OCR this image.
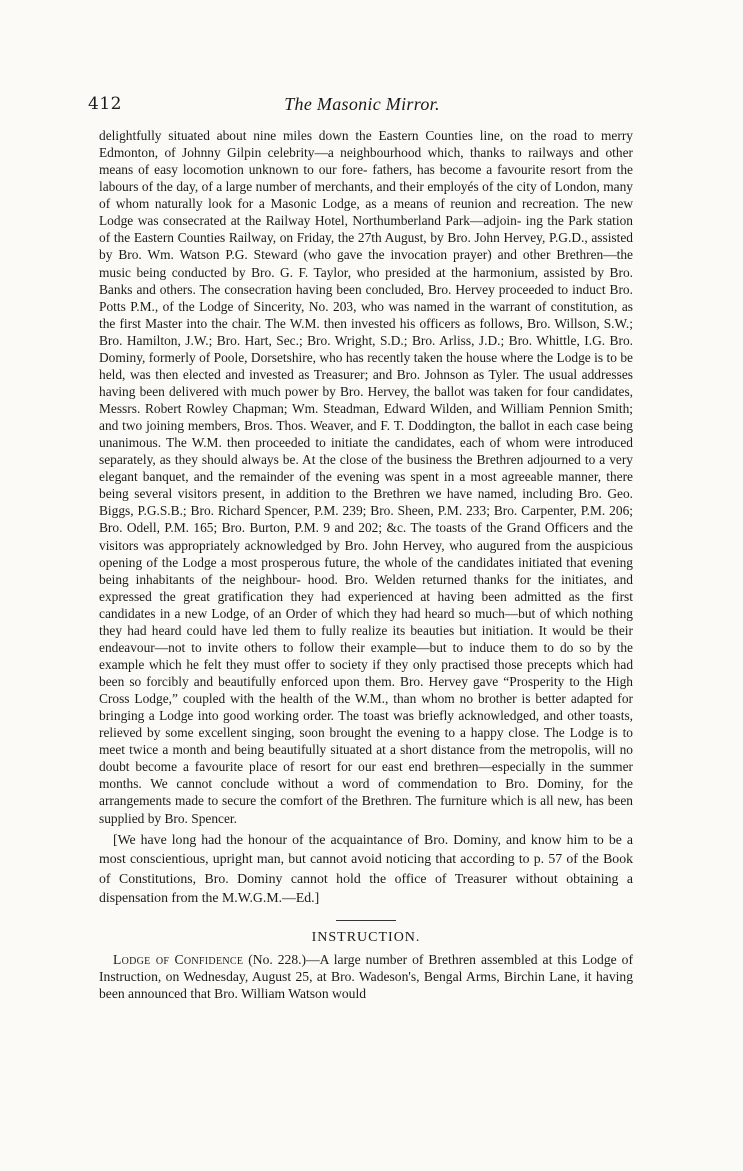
412	The Masonic Mirror.

delightfully situated about nine miles down the Eastern Counties line, on the road to merry Edmonton, of Johnny Gilpin celebrity—a neighbourhood which, thanks to railways and other means of easy locomotion unknown to our fore- fathers, has become a favourite resort from the labours of the day, of a large number of merchants, and their employés of the city of London, many of whom naturally look for a Masonic Lodge, as a means of reunion and recreation. The new Lodge was consecrated at the Railway Hotel, Northumberland Park—adjoin- ing the Park station of the Eastern Counties Railway, on Friday, the 27th August, by Bro. John Hervey, P.G.D., assisted by Bro. Wm. Watson P.G. Steward (who gave the invocation prayer) and other Brethren—the music being conducted by Bro. G. F. Taylor, who presided at the harmonium, assisted by Bro. Banks and others. The consecration having been concluded, Bro. Hervey proceeded to induct Bro. Potts P.M., of the Lodge of Sincerity, No. 203, who was named in the warrant of constitution, as the first Master into the chair. The W.M. then invested his officers as follows, Bro. Willson, S.W.; Bro. Hamilton, J.W.; Bro. Hart, Sec.; Bro. Wright, S.D.; Bro. Arliss, J.D.; Bro. Whittle, I.G. Bro. Dominy, formerly of Poole, Dorsetshire, who has recently taken the house where the Lodge is to be held, was then elected and invested as Treasurer; and Bro. Johnson as Tyler. The usual addresses having been delivered with much power by Bro. Hervey, the ballot was taken for four candidates, Messrs. Robert Rowley Chapman; Wm. Steadman, Edward Wilden, and William Pennion Smith; and two joining members, Bros. Thos. Weaver, and F. T. Doddington, the ballot in each case being unanimous. The W.M. then proceeded to initiate the candidates, each of whom were introduced separately, as they should always be. At the close of the business the Brethren adjourned to a very elegant banquet, and the remainder of the evening was spent in a most agreeable manner, there being several visitors present, in addition to the Brethren we have named, including Bro. Geo. Biggs, P.G.S.B.; Bro. Richard Spencer, P.M. 239; Bro. Sheen, P.M. 233; Bro. Carpenter, P.M. 206; Bro. Odell, P.M. 165; Bro. Burton, P.M. 9 and 202; &c. The toasts of the Grand Officers and the visitors was appropriately acknowledged by Bro. John Hervey, who augured from the auspicious opening of the Lodge a most prosperous future, the whole of the candidates initiated that evening being inhabitants of the neighbour- hood. Bro. Welden returned thanks for the initiates, and expressed the great gratification they had experienced at having been admitted as the first candidates in a new Lodge, of an Order of which they had heard so much—but of which nothing they had heard could have led them to fully realize its beauties but initiation. It would be their endeavour—not to invite others to follow their example—but to induce them to do so by the example which he felt they must offer to society if they only practised those precepts which had been so forcibly and beautifully enforced upon them. Bro. Hervey gave “Prosperity to the High Cross Lodge,” coupled with the health of the W.M., than whom no brother is better adapted for bringing a Lodge into good working order. The toast was briefly acknowledged, and other toasts, relieved by some excellent singing, soon brought the evening to a happy close. The Lodge is to meet twice a month and being beautifully situated at a short distance from the metropolis, will no doubt become a favourite place of resort for our east end brethren—especially in the summer months. We cannot conclude without a word of commendation to Bro. Dominy, for the arrangements made to secure the comfort of the Brethren. The furniture which is all new, has been supplied by Bro. Spencer.

[We have long had the honour of the acquaintance of Bro. Dominy, and know him to be a most conscientious, upright man, but cannot avoid noticing that according to p. 57 of the Book of Constitutions, Bro. Dominy cannot hold the office of Treasurer without obtaining a dispensation from the M.W.G.M.—Ed.]

INSTRUCTION.

Lodge of Confidence (No. 228.)—A large number of Brethren assembled at this Lodge of Instruction, on Wednesday, August 25, at Bro. Wadeson's, Bengal Arms, Birchin Lane, it having been announced that Bro. William Watson would
